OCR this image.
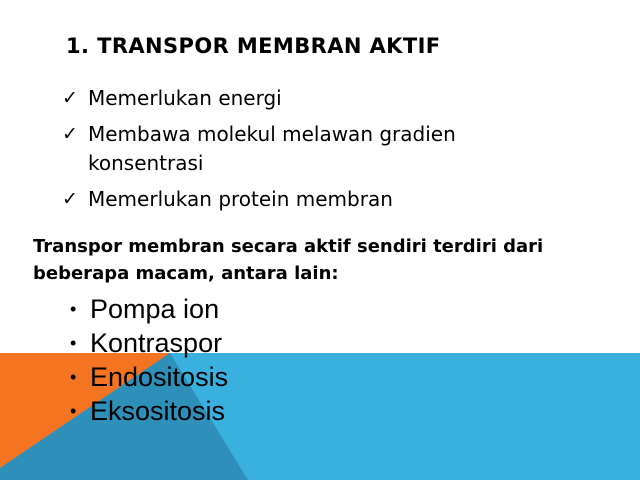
1. TRANSPOR MEMBRAN AKTIF
✓ Memerlukan energi
✓ Membawa molekul melawan gradien
konsentrasi
✓ Memerlukan protein membran
Transpor membran secara aktif sendiri terdiri dari
beberapa macam, antara lain:
• Pompa ion
• Kontraspor
• Endositosis
• Eksositosis
